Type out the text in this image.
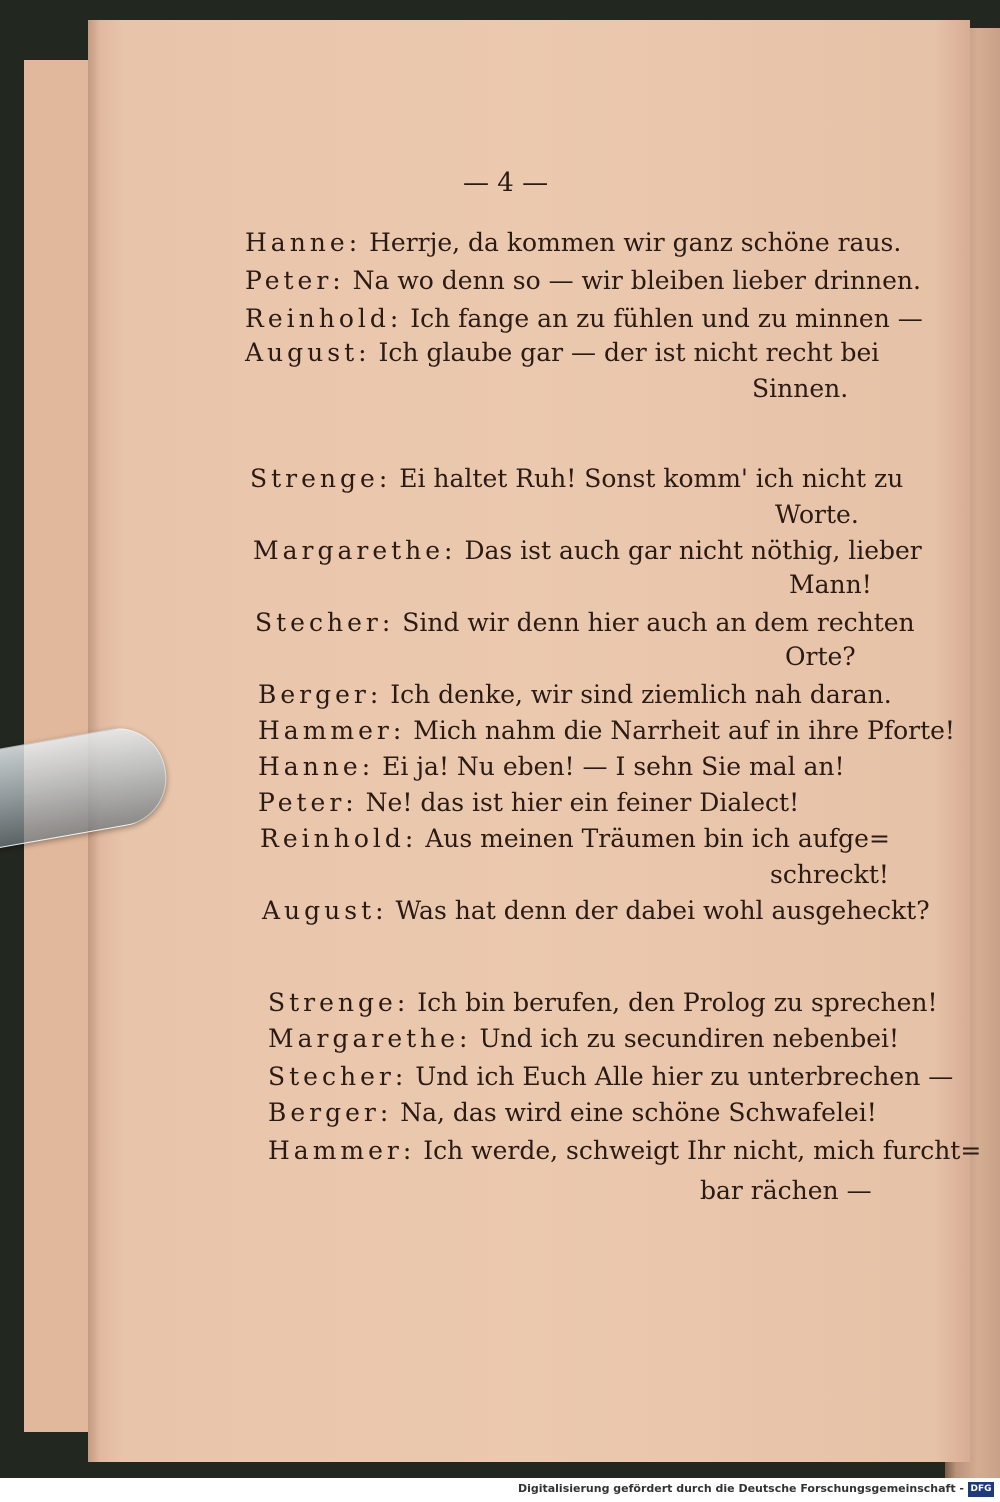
— 4 —
Hanne: Herrje, da kommen wir ganz schöne raus.
Peter: Na wo denn so — wir bleiben lieber drinnen.
Reinhold: Ich fange an zu fühlen und zu minnen —
August: Ich glaube gar — der ist nicht recht bei
Sinnen.
Strenge: Ei haltet Ruh! Sonst komm' ich nicht zu
Worte.
Margarethe: Das ist auch gar nicht nöthig, lieber
Mann!
Stecher: Sind wir denn hier auch an dem rechten
Orte?
Berger: Ich denke, wir sind ziemlich nah daran.
Hammer: Mich nahm die Narrheit auf in ihre Pforte!
Hanne: Ei ja! Nu eben! — I sehn Sie mal an!
Peter: Ne! das ist hier ein feiner Dialect!
Reinhold: Aus meinen Träumen bin ich aufge=
schreckt!
August: Was hat denn der dabei wohl ausgeheckt?
Strenge: Ich bin berufen, den Prolog zu sprechen!
Margarethe: Und ich zu secundiren nebenbei!
Stecher: Und ich Euch Alle hier zu unterbrechen —
Berger: Na, das wird eine schöne Schwafelei!
Hammer: Ich werde, schweigt Ihr nicht, mich furcht=
bar rächen —
Digitalisierung gefördert durch die Deutsche Forschungsgemeinschaft - DFG
